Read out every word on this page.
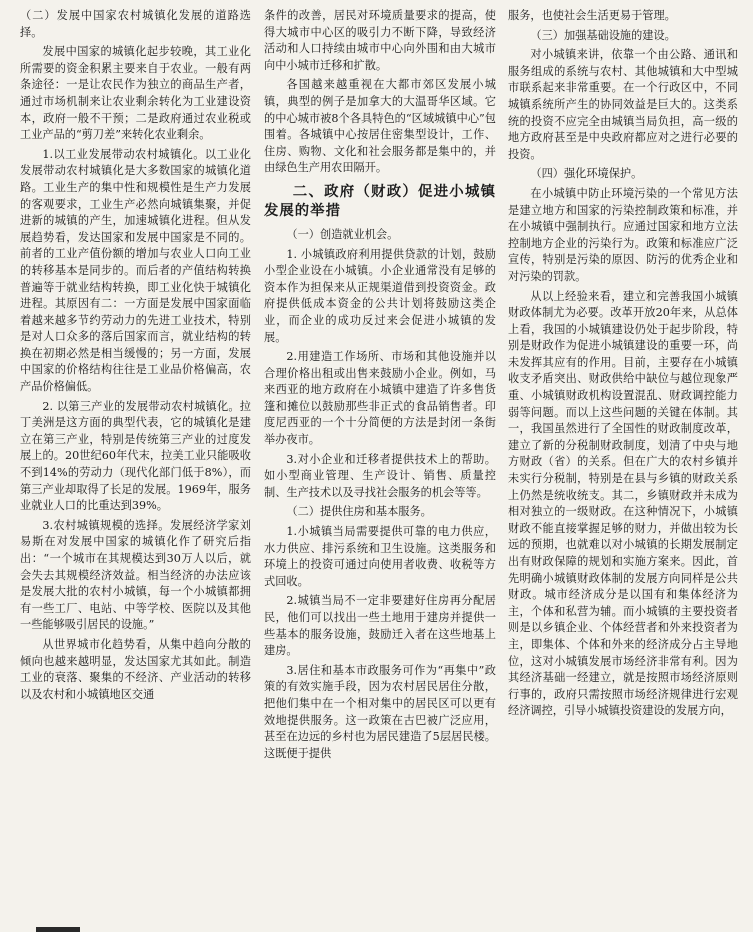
（二）发展中国家农村城镇化发展的道路选择。

发展中国家的城镇化起步较晚，其工业化所需要的资金积累主要来自于农业。一般有两条途径：一是让农民作为独立的商品生产者，通过市场机制来让农业剩余转化为工业建设资本，政府一般不干预；二是政府通过农业税或工业产品的“剪刀差”来转化农业剩余。

1.以工业发展带动农村城镇化。以工业化发展带动农村城镇化是大多数国家的城镇化道路。工业生产的集中性和规模性是生产力发展的客观要求，工业生产必然向城镇集聚，并促进新的城镇的产生，加速城镇化进程。但从发展趋势看，发达国家和发展中国家是不同的。前者的工业产值份额的增加与农业人口向工业的转移基本是同步的。而后者的产值结构转换普遍等于就业结构转换，即工业化快于城镇化进程。其原因有二：一方面是发展中国家面临着越来越多节约劳动力的先进工业技术，特别是对人口众多的落后国家而言，就业结构的转换在初期必然是相当缓慢的；另一方面，发展中国家的价格结构往往是工业品价格偏高，农产品价格偏低。

2. 以第三产业的发展带动农村城镇化。拉丁美洲是这方面的典型代表，它的城镇化是建立在第三产业，特别是传统第三产业的过度发展上的。20世纪60年代末，拉美工业只能吸收不到14%的劳动力（现代化部门低于8%），而第三产业却取得了长足的发展。1969年，服务业就业人口的比重达到39%。

3.农村城镇规模的选择。发展经济学家刘易斯在对发展中国家的城镇化作了研究后指出：“一个城市在其规模达到30万人以后，就会失去其规模经济效益。相当经济的办法应该是发展大批的农村小城镇，每一个小城镇都拥有一些工厂、电站、中等学校、医院以及其他一些能够吸引居民的设施。”

从世界城市化趋势看，从集中趋向分散的倾向也越来越明显，发达国家尤其如此。制造工业的衰落、聚集的不经济、产业活动的转移以及农村和小城镇地区交通

条件的改善，居民对环境质量要求的提高，使得大城市中心区的吸引力不断下降，导致经济活动和人口持续由城市中心向外围和由大城市向中小城市迁移和扩散。

各国越来越重视在大都市郊区发展小城镇，典型的例子是加拿大的大温哥华区域。它的中心城市被8个各具特色的“区域城镇中心”包围着。各城镇中心按居住密集型设计，工作、住房、购物、文化和社会服务都是集中的，并由绿色生产用农田隔开。

二、政府（财政）促进小城镇发展的举措

（一）创造就业机会。

1. 小城镇政府利用提供贷款的计划，鼓励小型企业设在小城镇。小企业通常没有足够的资本作为担保来从正规渠道借到投资资金。政府提供低成本资金的公共计划将鼓励这类企业，而企业的成功反过来会促进小城镇的发展。

2.用建造工作场所、市场和其他设施并以合理价格出租或出售来鼓励小企业。例如，马来西亚的地方政府在小城镇中建造了许多售货篷和摊位以鼓励那些非正式的食品销售者。印度尼西亚的一个十分简便的方法是封闭一条街举办夜市。

3.对小企业和迁移者提供技术上的帮助。如小型商业管理、生产设计、销售、质量控制、生产技术以及寻找社会服务的机会等等。

（二）提供住房和基本服务。

1.小城镇当局需要提供可靠的电力供应，水力供应、排污系统和卫生设施。这类服务和环境上的投资可通过向使用者收费、收税等方式回收。

2.城镇当局不一定非要建好住房再分配居民，他们可以找出一些土地用于建房并提供一些基本的服务设施，鼓励迁入者在这些地基上建房。

3.居住和基本市政服务可作为“再集中”政策的有效实施手段，因为农村居民居住分散，把他们集中在一个相对集中的居民区可以更有效地提供服务。这一政策在古巴被广泛应用，甚至在边远的乡村也为居民建造了5层居民楼。这既便于提供

服务，也使社会生活更易于管理。

（三）加强基础设施的建设。

对小城镇来讲，依靠一个由公路、通讯和服务组成的系统与农村、其他城镇和大中型城市联系起来非常重要。在一个行政区中，不同城镇系统所产生的协同效益是巨大的。这类系统的投资不应完全由城镇当局负担，高一级的地方政府甚至是中央政府都应对之进行必要的投资。

（四）强化环境保护。

在小城镇中防止环境污染的一个常见方法是建立地方和国家的污染控制政策和标准，并在小城镇中强制执行。应通过国家和地方立法控制地方企业的污染行为。政策和标准应广泛宣传，特别是污染的原因、防污的优秀企业和对污染的罚款。

从以上经验来看，建立和完善我国小城镇财政体制尤为必要。改革开放20年来，从总体上看，我国的小城镇建设仍处于起步阶段，特别是财政作为促进小城镇建设的重要一环，尚未发挥其应有的作用。目前，主要存在小城镇收支矛盾突出、财政供给中缺位与越位现象严重、小城镇财政机构设置混乱、财政调控能力弱等问题。而以上这些问题的关键在体制。其一，我国虽然进行了全国性的财政制度改革，建立了新的分税制财政制度，划清了中央与地方财政（省）的关系。但在广大的农村乡镇并未实行分税制，特别是在县与乡镇的财政关系上仍然是统收统支。其二，乡镇财政并未成为相对独立的一级财政。在这种情况下，小城镇财政不能直接掌握足够的财力，并做出较为长远的预期，也就难以对小城镇的长期发展制定出有财政保障的规划和实施方案来。因此，首先明确小城镇财政体制的发展方向同样是公共财政。城市经济成分是以国有和集体经济为主，个体和私营为辅。而小城镇的主要投资者则是以乡镇企业、个体经营者和外来投资者为主，即集体、个体和外来的经济成分占主导地位，这对小城镇发展市场经济非常有利。因为其经济基础一经建立，就是按照市场经济原则行事的，政府只需按照市场经济规律进行宏观经济调控，引导小城镇投资建设的发展方向，
